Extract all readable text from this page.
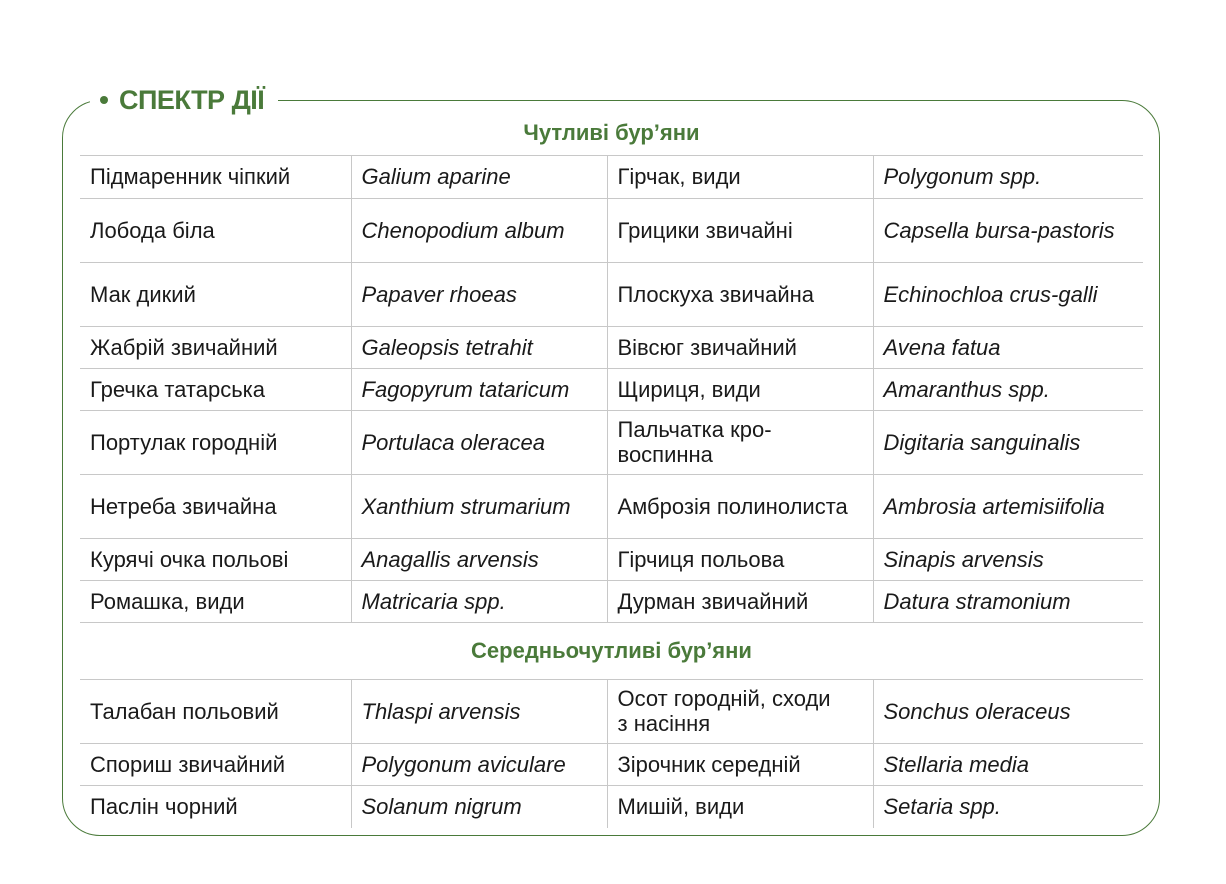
СПЕКТР ДІЇ
Чутливі бур’яни
Підмаренник чіпкий	Galium aparine	Гірчак, види	Polygonum spp.
Лобода біла	Chenopodium album	Грицики звичайні	Capsella bursa-pastoris
Мак дикий	Papaver rhoeas	Плоскуха звичайна	Echinochloa crus-galli
Жабрій звичайний	Galeopsis tetrahit	Вівсюг звичайний	Avena fatua
Гречка татарська	Fagopyrum tataricum	Щириця, види	Amaranthus spp.
Портулак городній	Portulaca oleracea	Пальчатка кро-воспинна	Digitaria sanguinalis
Нетреба звичайна	Xanthium strumarium	Амброзія полинолиста	Ambrosia artemisiifolia
Курячі очка польові	Anagallis arvensis	Гірчиця польова	Sinapis arvensis
Ромашка, види	Matricaria spp.	Дурман звичайний	Datura stramonium
Середньочутливі бур’яни
Талабан польовий	Thlaspi arvensis	Осот городній, сходи з насіння	Sonchus oleraceus
Спориш звичайний	Polygonum aviculare	Зірочник середній	Stellaria media
Паслін чорний	Solanum nigrum	Мишій, види	Setaria spp.
